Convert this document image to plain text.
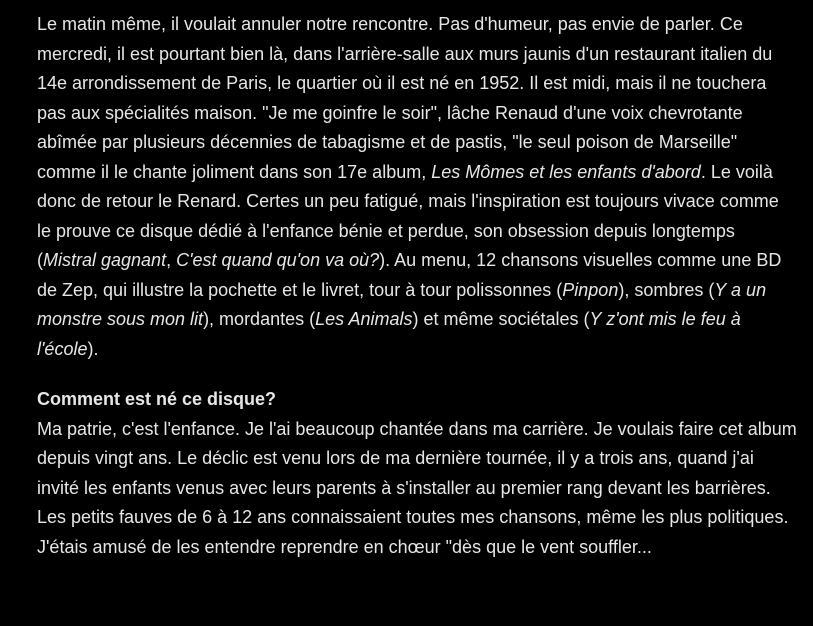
Le matin même, il voulait annuler notre rencontre. Pas d'humeur, pas envie de parler. Ce mercredi, il est pourtant bien là, dans l'arrière-salle aux murs jaunis d'un restaurant italien du 14e arrondissement de Paris, le quartier où il est né en 1952. Il est midi, mais il ne touchera pas aux spécialités maison. "Je me goinfre le soir", lâche Renaud d'une voix chevrotante abîmée par plusieurs décennies de tabagisme et de pastis, "le seul poison de Marseille" comme il le chante joliment dans son 17e album, Les Mômes et les enfants d'abord. Le voilà donc de retour le Renard. Certes un peu fatigué, mais l'inspiration est toujours vivace comme le prouve ce disque dédié à l'enfance bénie et perdue, son obsession depuis longtemps (Mistral gagnant, C'est quand qu'on va où?). Au menu, 12 chansons visuelles comme une BD de Zep, qui illustre la pochette et le livret, tour à tour polissonnes (Pinpon), sombres (Y a un monstre sous mon lit), mordantes (Les Animals) et même sociétales (Y z'ont mis le feu à l'école).

Comment est né ce disque?

Ma patrie, c'est l'enfance. Je l'ai beaucoup chantée dans ma carrière. Je voulais faire cet album depuis vingt ans. Le déclic est venu lors de ma dernière tournée, il y a trois ans, quand j'ai invité les enfants venus avec leurs parents à s'installer au premier rang devant les barrières. Les petits fauves de 6 à 12 ans connaissaient toutes mes chansons, même les plus politiques. J'étais amusé de les entendre reprendre en chœur "dès que le vent souffler...
